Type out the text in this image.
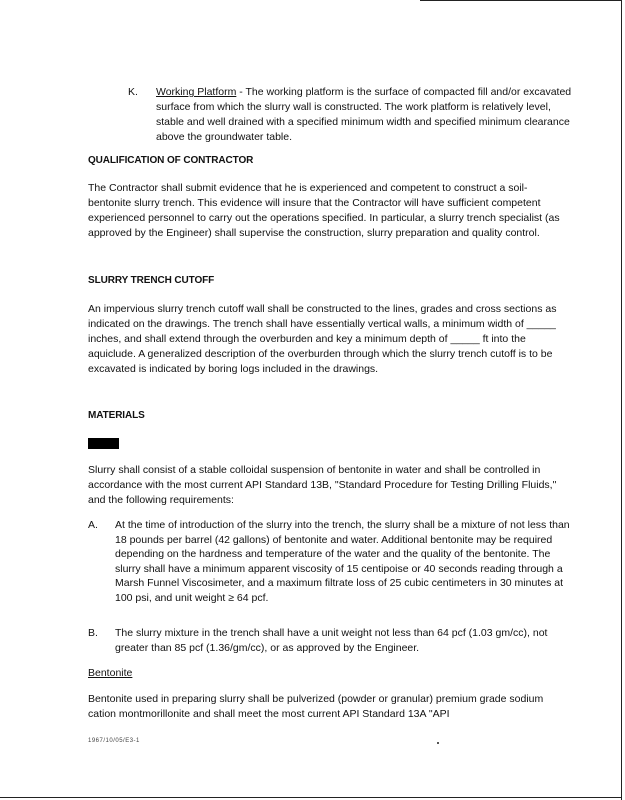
K. Working Platform - The working platform is the surface of compacted fill and/or excavated surface from which the slurry wall is constructed. The work platform is relatively level, stable and well drained with a specified minimum width and specified minimum clearance above the groundwater table.
QUALIFICATION OF CONTRACTOR
The Contractor shall submit evidence that he is experienced and competent to construct a soil-bentonite slurry trench. This evidence will insure that the Contractor will have sufficient competent experienced personnel to carry out the operations specified. In particular, a slurry trench specialist (as approved by the Engineer) shall supervise the construction, slurry preparation and quality control.
SLURRY TRENCH CUTOFF
An impervious slurry trench cutoff wall shall be constructed to the lines, grades and cross sections as indicated on the drawings. The trench shall have essentially vertical walls, a minimum width of _____ inches, and shall extend through the overburden and key a minimum depth of _____ ft into the aquiclude. A generalized description of the overburden through which the slurry trench cutoff is to be excavated is indicated by boring logs included in the drawings.
MATERIALS
Slurry shall consist of a stable colloidal suspension of bentonite in water and shall be controlled in accordance with the most current API Standard 13B, "Standard Procedure for Testing Drilling Fluids," and the following requirements:
A. At the time of introduction of the slurry into the trench, the slurry shall be a mixture of not less than 18 pounds per barrel (42 gallons) of bentonite and water. Additional bentonite may be required depending on the hardness and temperature of the water and the quality of the bentonite. The slurry shall have a minimum apparent viscosity of 15 centipoise or 40 seconds reading through a Marsh Funnel Viscosimeter, and a maximum filtrate loss of 25 cubic centimeters in 30 minutes at 100 psi, and unit weight ≥ 64 pcf.
B. The slurry mixture in the trench shall have a unit weight not less than 64 pcf (1.03 gm/cc), not greater than 85 pcf (1.36/gm/cc), or as approved by the Engineer.
Bentonite
Bentonite used in preparing slurry shall be pulverized (powder or granular) premium grade sodium cation montmorillonite and shall meet the most current API Standard 13A "API
1967/10/05/E3-1
